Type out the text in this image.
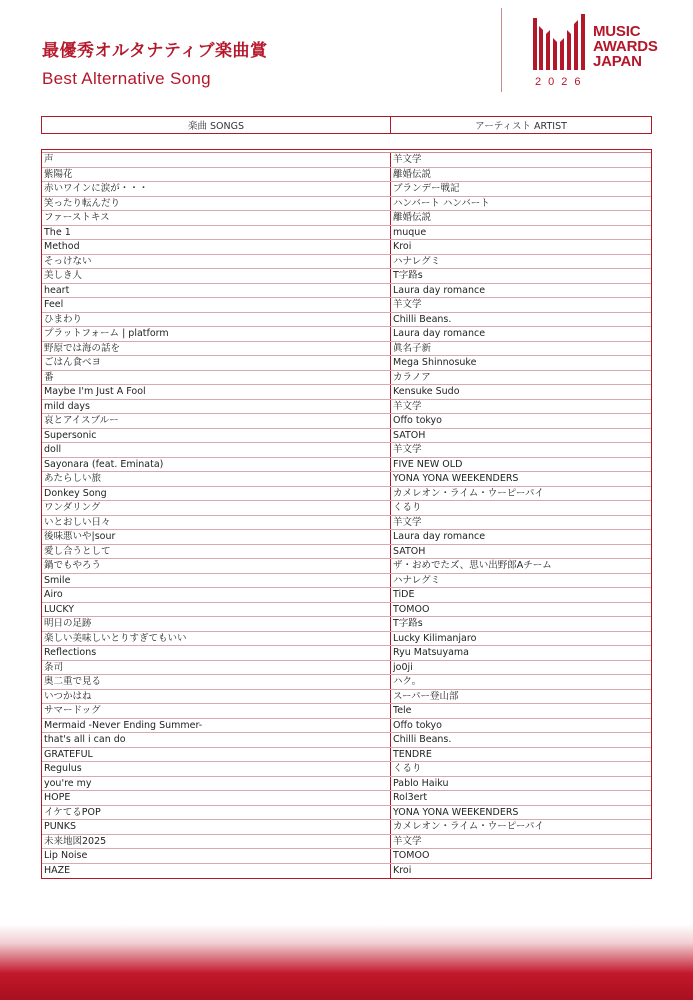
最優秀オルタナティブ楽曲賞
Best Alternative Song
MUSIC
AWARDS
JAPAN
2026
楽曲 SONGS	アーティスト ARTIST
声	羊文学
紫陽花	離婚伝説
赤いワインに涙が・・・	ブランデー戦記
笑ったり転んだり	ハンバート ハンバート
ファーストキス	離婚伝説
The 1	muque
Method	Kroi
そっけない	ハナレグミ
美しき人	T字路s
heart	Laura day romance
Feel	羊文学
ひまわり	Chilli Beans.
プラットフォーム | platform	Laura day romance
野原では海の話を	眞名子新
ごはん食べヨ	Mega Shinnosuke
番	カラノア
Maybe I'm Just A Fool	Kensuke Sudo
mild days	羊文学
哀とアイスブルー	Offo tokyo
Supersonic	SATOH
doll	羊文学
Sayonara (feat. Eminata)	FIVE NEW OLD
あたらしい旅	YONA YONA WEEKENDERS
Donkey Song	カメレオン・ライム・ウーピーパイ
ワンダリング	くるり
いとおしい日々	羊文学
後味悪いや|sour	Laura day romance
愛し合うとして	SATOH
鍋でもやろう	ザ・おめでたズ、思い出野郎Aチーム
Smile	ハナレグミ
Airo	TiDE
LUCKY	TOMOO
明日の足跡	T字路s
楽しい美味しいとりすぎてもいい	Lucky Kilimanjaro
Reflections	Ryu Matsuyama
条司	jo0ji
奥二重で見る	ハク。
いつかはね	スーパー登山部
サマードッグ	Tele
Mermaid -Never Ending Summer-	Offo tokyo
that's all i can do	Chilli Beans.
GRATEFUL	TENDRE
Regulus	くるり
you're my	Pablo Haiku
HOPE	Rol3ert
イケてるPOP	YONA YONA WEEKENDERS
PUNKS	カメレオン・ライム・ウーピーパイ
未来地図2025	羊文学
Lip Noise	TOMOO
HAZE	Kroi
